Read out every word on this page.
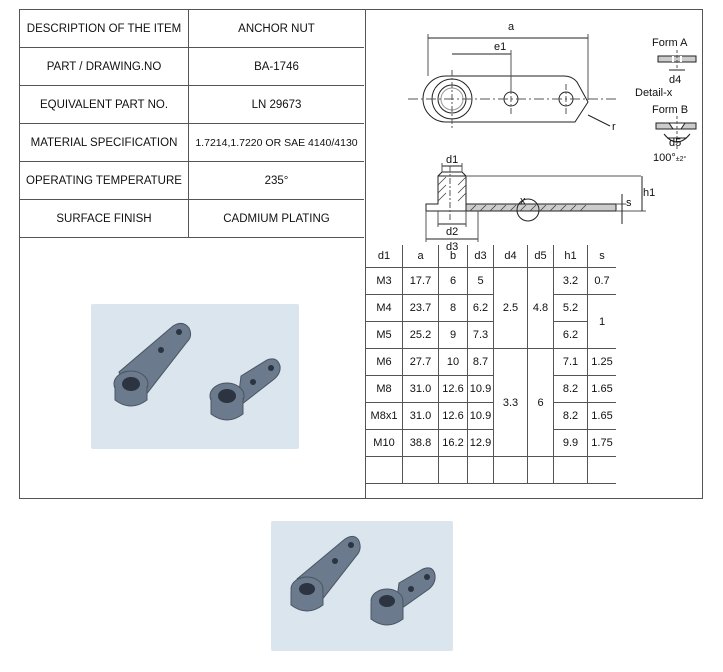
DESCRIPTION OF THE ITEM	ANCHOR NUT
PART / DRAWING.NO	BA-1746
EQUIVALENT PART NO.	LN 29673
MATERIAL SPECIFICATION	1.7214,1.7220 OR SAE 4140/4130
OPERATING TEMPERATURE	235°
SURFACE FINISH	CADMIUM PLATING
a
e1
r
d1
h1
s
x
d2
d3
Form A
d4
Detail-x
Form B
d5
100°±2°
d1	a	b	d3	d4	d5	h1	s
M3	17.7	6	5	2.5	4.8	3.2	0.7
M4	23.7	8	6.2			5.2	1
M5	25.2	9	7.3			6.2	
M6	27.7	10	8.7	3.3	6	7.1	1.25
M8	31.0	12.6	10.9			8.2	1.65
M8x1	31.0	12.6	10.9			8.2	1.65
M10	38.8	16.2	12.9			9.9	1.75
